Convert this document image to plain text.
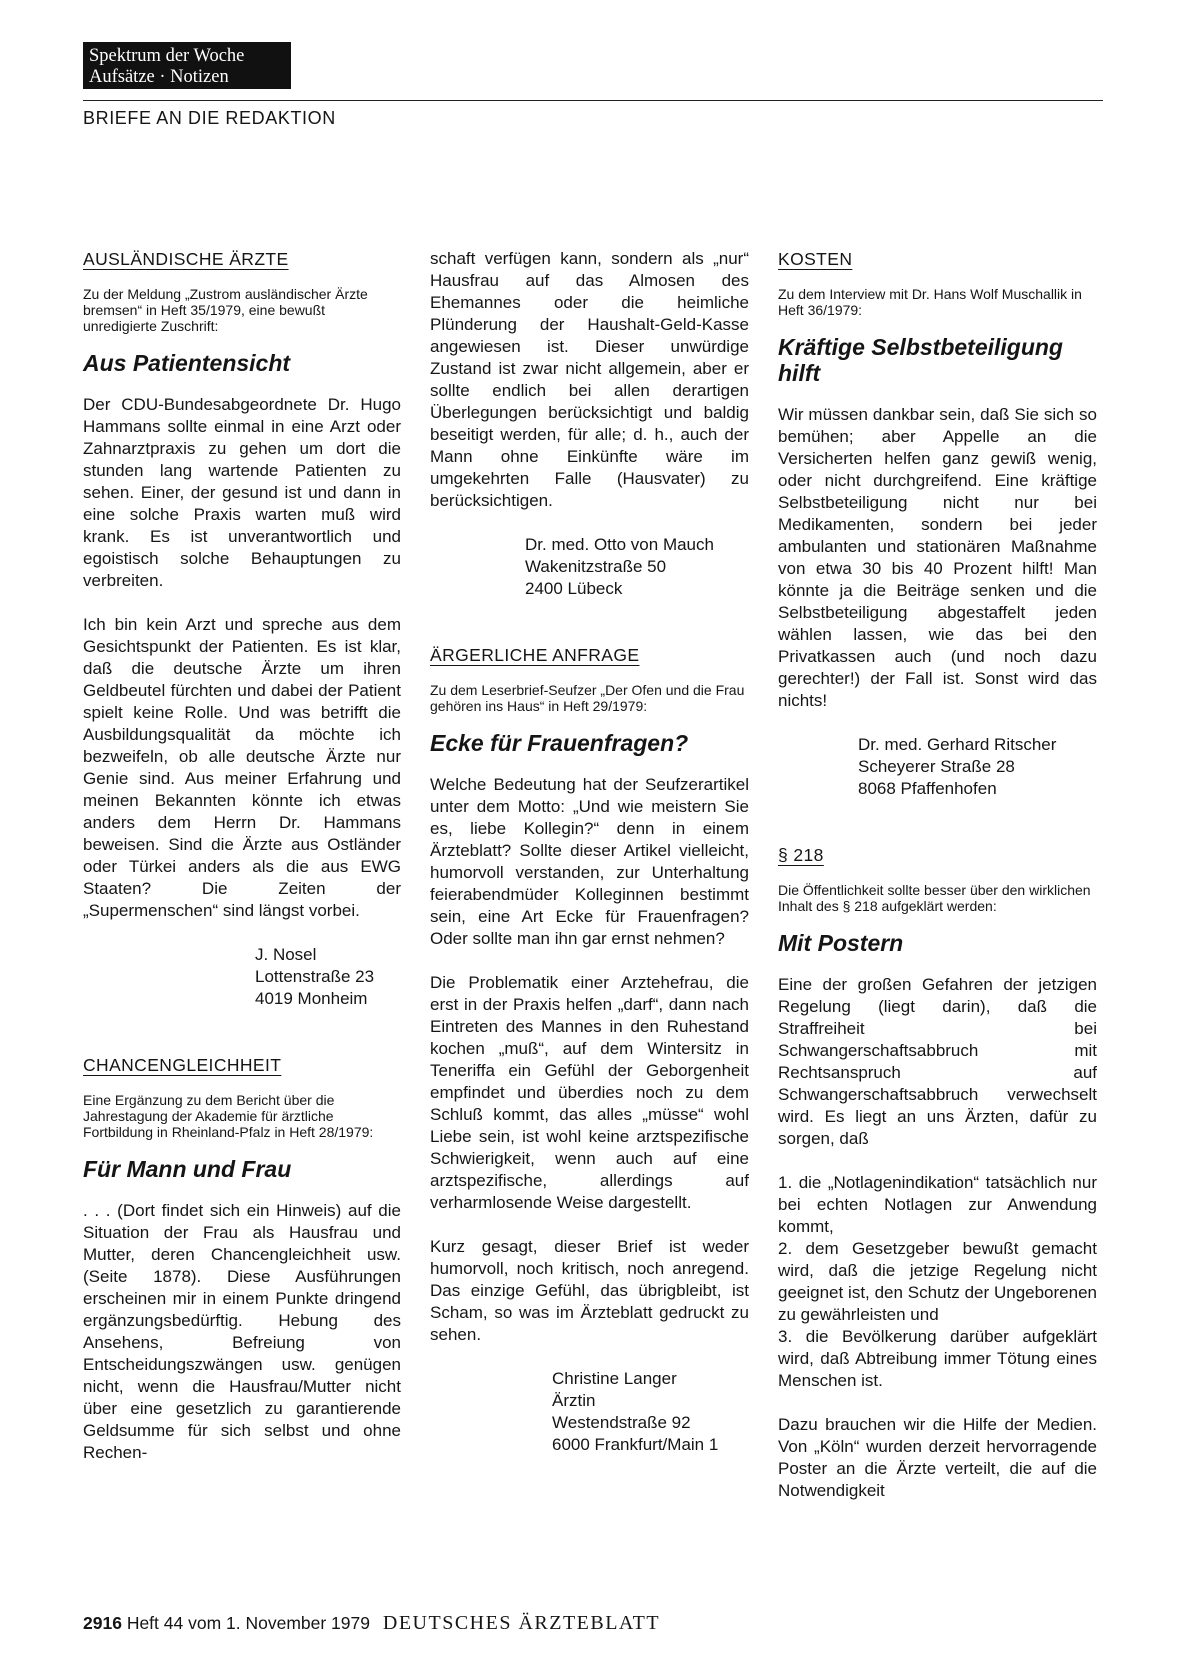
Spektrum der Woche
Aufsätze · Notizen
BRIEFE AN DIE REDAKTION
AUSLÄNDISCHE ÄRZTE
Zu der Meldung „Zustrom ausländischer Ärzte bremsen“ in Heft 35/1979, eine bewußt unredigierte Zuschrift:
Aus Patientensicht

Der CDU-Bundesabgeordnete Dr. Hugo Hammans sollte einmal in eine Arzt oder Zahnarztpraxis zu gehen um dort die stunden lang wartende Patienten zu sehen. Einer, der gesund ist und dann in eine solche Praxis warten muß wird krank. Es ist unverantwortlich und egoistisch solche Behauptungen zu verbreiten.

Ich bin kein Arzt und spreche aus dem Gesichtspunkt der Patienten. Es ist klar, daß die deutsche Ärzte um ihren Geldbeutel fürchten und dabei der Patient spielt keine Rolle. Und was betrifft die Ausbildungsqualität da möchte ich bezweifeln, ob alle deutsche Ärzte nur Genie sind. Aus meiner Erfahrung und meinen Bekannten könnte ich etwas anders dem Herrn Dr. Hammans beweisen. Sind die Ärzte aus Ostländer oder Türkei anders als die aus EWG Staaten? Die Zeiten der „Supermenschen“ sind längst vorbei.

J. Nosel
Lottenstraße 23
4019 Monheim
CHANCENGLEICHHEIT
Eine Ergänzung zu dem Bericht über die Jahrestagung der Akademie für ärztliche Fortbildung in Rheinland-Pfalz in Heft 28/1979:
Für Mann und Frau

. . . (Dort findet sich ein Hinweis) auf die Situation der Frau als Hausfrau und Mutter, deren Chancengleichheit usw. (Seite 1878). Diese Ausführungen erscheinen mir in einem Punkte dringend ergänzungsbedürftig. Hebung des Ansehens, Befreiung von Entscheidungszwängen usw. genügen nicht, wenn die Hausfrau/Mutter nicht über eine gesetzlich zu garantierende Geldsumme für sich selbst und ohne Rechen-

schaft verfügen kann, sondern als „nur“ Hausfrau auf das Almosen des Ehemannes oder die heimliche Plünderung der Haushalt-Geld-Kasse angewiesen ist. Dieser unwürdige Zustand ist zwar nicht allgemein, aber er sollte endlich bei allen derartigen Überlegungen berücksichtigt und baldig beseitigt werden, für alle; d. h., auch der Mann ohne Einkünfte wäre im umgekehrten Falle (Hausvater) zu berücksichtigen.

Dr. med. Otto von Mauch
Wakenitzstraße 50
2400 Lübeck
ÄRGERLICHE ANFRAGE
Zu dem Leserbrief-Seufzer „Der Ofen und die Frau gehören ins Haus“ in Heft 29/1979:
Ecke für Frauenfragen?

Welche Bedeutung hat der Seufzerartikel unter dem Motto: „Und wie meistern Sie es, liebe Kollegin?“ denn in einem Ärzteblatt? Sollte dieser Artikel vielleicht, humorvoll verstanden, zur Unterhaltung feierabendmüder Kolleginnen bestimmt sein, eine Art Ecke für Frauenfragen? Oder sollte man ihn gar ernst nehmen?

Die Problematik einer Arztehefrau, die erst in der Praxis helfen „darf“, dann nach Eintreten des Mannes in den Ruhestand kochen „muß“, auf dem Wintersitz in Teneriffa ein Gefühl der Geborgenheit empfindet und überdies noch zu dem Schluß kommt, das alles „müsse“ wohl Liebe sein, ist wohl keine arztspezifische Schwierigkeit, wenn auch auf eine arztspezifische, allerdings auf verharmlosende Weise dargestellt.

Kurz gesagt, dieser Brief ist weder humorvoll, noch kritisch, noch anregend. Das einzige Gefühl, das übrigbleibt, ist Scham, so was im Ärzteblatt gedruckt zu sehen.

Christine Langer
Ärztin
Westendstraße 92
6000 Frankfurt/Main 1
KOSTEN
Zu dem Interview mit Dr. Hans Wolf Muschallik in Heft 36/1979:
Kräftige Selbstbeteiligung hilft

Wir müssen dankbar sein, daß Sie sich so bemühen; aber Appelle an die Versicherten helfen ganz gewiß wenig, oder nicht durchgreifend. Eine kräftige Selbstbeteiligung nicht nur bei Medikamenten, sondern bei jeder ambulanten und stationären Maßnahme von etwa 30 bis 40 Prozent hilft! Man könnte ja die Beiträge senken und die Selbstbeteiligung abgestaffelt jeden wählen lassen, wie das bei den Privatkassen auch (und noch dazu gerechter!) der Fall ist. Sonst wird das nichts!

Dr. med. Gerhard Ritscher
Scheyerer Straße 28
8068 Pfaffenhofen
§ 218
Die Öffentlichkeit sollte besser über den wirklichen Inhalt des § 218 aufgeklärt werden:
Mit Postern

Eine der großen Gefahren der jetzigen Regelung (liegt darin), daß die Straffreiheit bei Schwangerschaftsabbruch mit Rechtsanspruch auf Schwangerschaftsabbruch verwechselt wird. Es liegt an uns Ärzten, dafür zu sorgen, daß

1. die „Notlagenindikation“ tatsächlich nur bei echten Notlagen zur Anwendung kommt,

2. dem Gesetzgeber bewußt gemacht wird, daß die jetzige Regelung nicht geeignet ist, den Schutz der Ungeborenen zu gewährleisten und

3. die Bevölkerung darüber aufgeklärt wird, daß Abtreibung immer Tötung eines Menschen ist.

Dazu brauchen wir die Hilfe der Medien. Von „Köln“ wurden derzeit hervorragende Poster an die Ärzte verteilt, die auf die Notwendigkeit

2916 Heft 44 vom 1. November 1979 DEUTSCHES ÄRZTEBLATT
